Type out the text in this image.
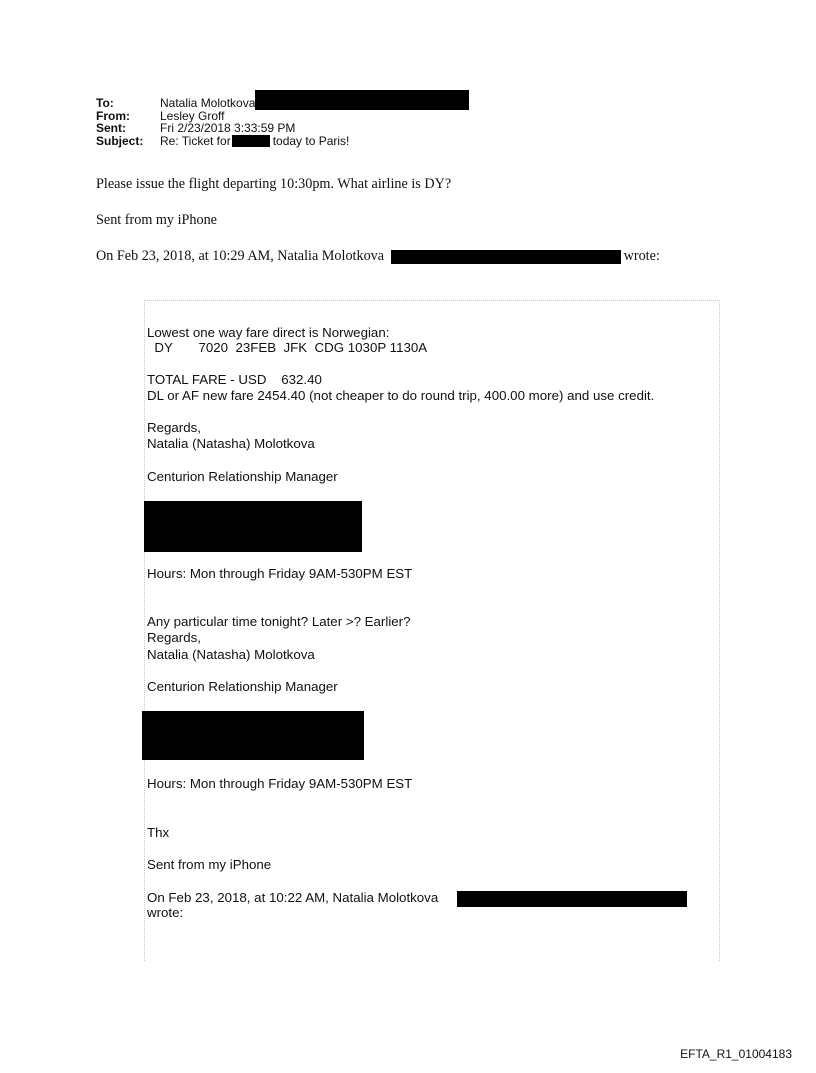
To:	Natalia Molotkova
From:	Lesley Groff
Sent:	Fri 2/23/2018 3:33:59 PM
Subject: Re: Ticket for	today to Paris!
Please issue the flight departing 10:30pm. What airline is DY?
Sent from my iPhone
On Feb 23, 2018, at 10:29 AM, Natalia Molotkova	wrote:
Lowest one way fare direct is Norwegian:
DY       7020  23FEB  JFK  CDG 1030P 1130A
TOTAL FARE - USD    632.40
DL or AF new fare 2454.40 (not cheaper to do round trip, 400.00 more) and use credit.
Regards,
Natalia (Natasha) Molotkova
Centurion Relationship Manager
Hours: Mon through Friday 9AM-530PM EST
Any particular time tonight? Later >? Earlier?
Regards,
Natalia (Natasha) Molotkova
Centurion Relationship Manager
Hours: Mon through Friday 9AM-530PM EST
Thx
Sent from my iPhone
On Feb 23, 2018, at 10:22 AM, Natalia Molotkova
wrote:
EFTA_R1_01004183
